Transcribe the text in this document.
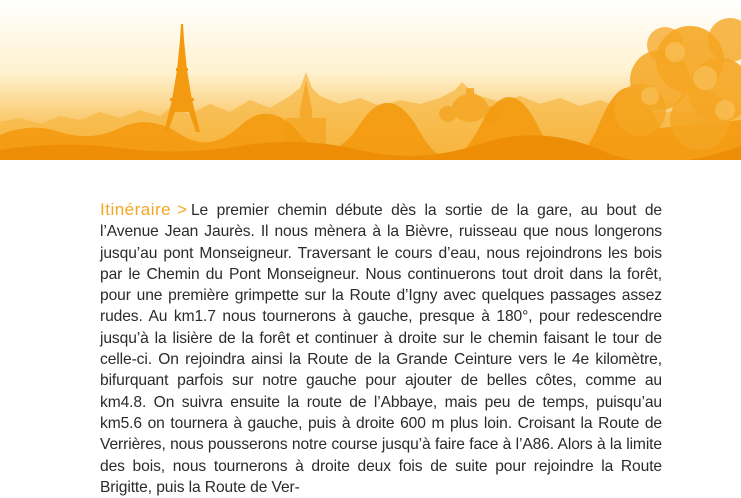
Itinéraire > Le premier chemin débute dès la sortie de la gare, au bout de l’Avenue Jean Jaurès. Il nous mènera à la Bièvre, ruisseau que nous longerons jusqu’au pont Monseigneur. Traversant le cours d’eau, nous rejoindrons les bois par le Chemin du Pont Monseigneur. Nous continuerons tout droit dans la forêt, pour une première grimpette sur la Route d’Igny avec quelques passages assez rudes. Au km1.7 nous tournerons à gauche, presque à 180°, pour redescendre jusqu’à la lisière de la forêt et continuer à droite sur le chemin faisant le tour de celle-ci. On rejoindra ainsi la Route de la Grande Ceinture vers le 4e kilomètre, bifurquant parfois sur notre gauche pour ajouter de belles côtes, comme au km4.8. On suivra ensuite la route de l’Abbaye, mais peu de temps, puisqu’au km5.6 on tournera à gauche, puis à droite 600 m plus loin. Croisant la Route de Verrières, nous pousserons notre course jusqu’à faire face à l’A86. Alors à la limite des bois, nous tournerons à droite deux fois de suite pour rejoindre la Route Brigitte, puis la Route de Ver-
